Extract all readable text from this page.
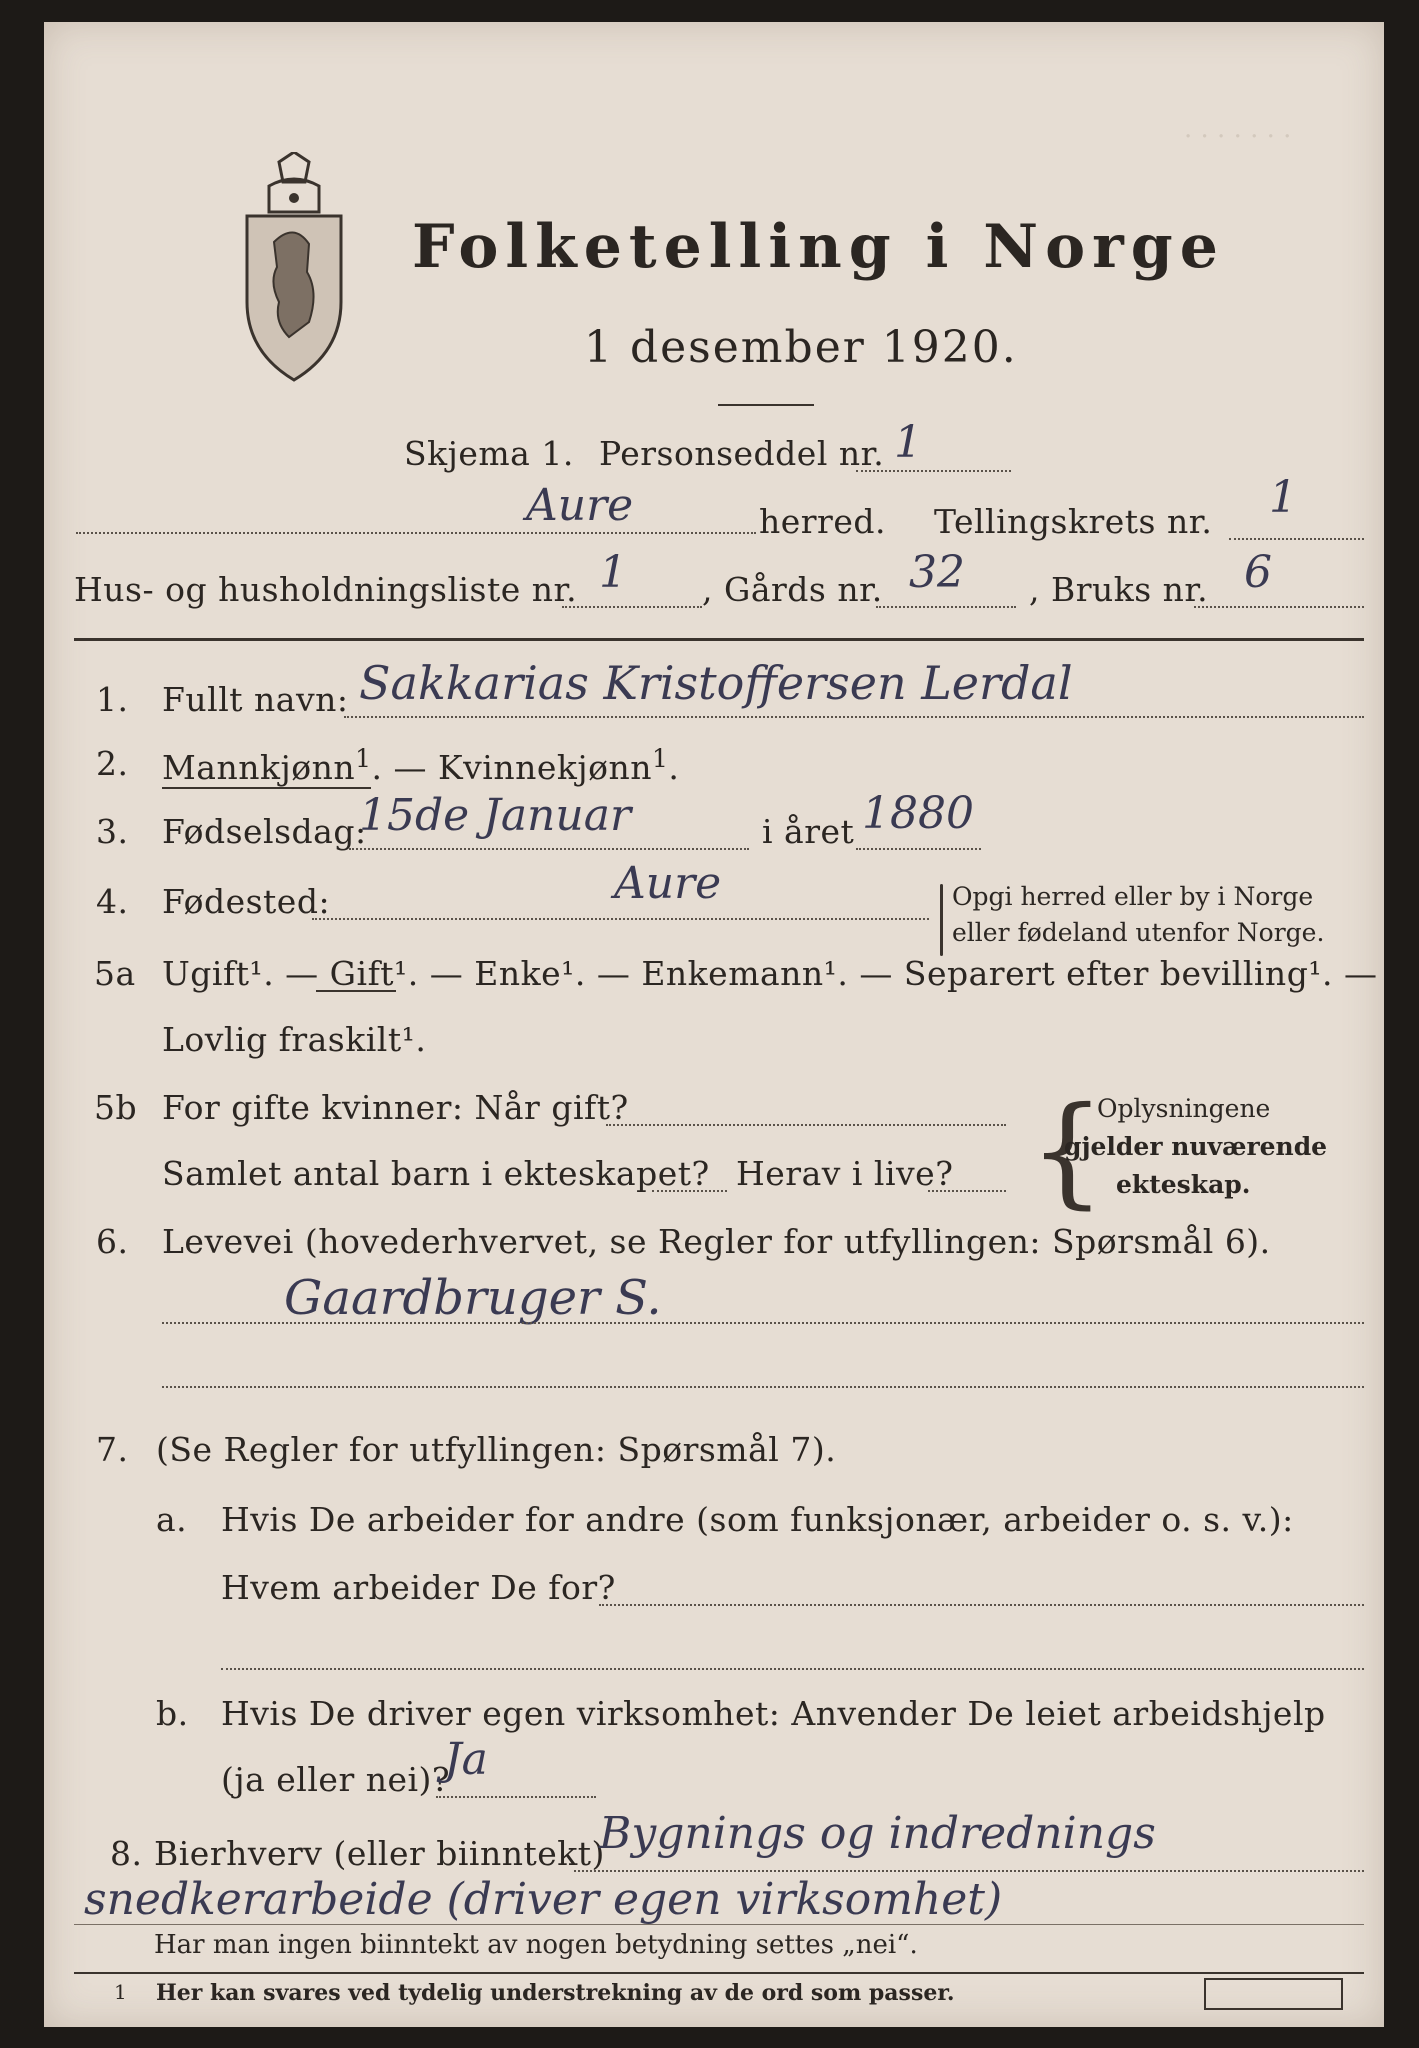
· · · · · · ·
Folketelling i Norge
1 desember 1920.
Skjema 1. Personseddel nr. 1
Aure	herred. Tellingskrets nr. 1
Hus- og husholdningsliste nr. 1 , Gårds nr. 32 , Bruks nr. 6
1. Fullt navn: Sakkarias Kristoffersen Lerdal
2. Mannkjønn$^1$. — Kvinnekjønn$^1$.
3. Fødselsdag:
15de Januar	i året 1880
4. Fødested:	Aure	Opgi herred eller by i Norge
eller fødeland utenfor Norge.
5a Ugift¹. — Gift¹. — Enke¹. — Enkemann¹. — Separert efter bevilling¹. —
Lovlig fraskilt¹.
5b For gifte kvinner: Når gift?
Samlet antal barn i ekteskapet? Herav i live? {
Oplysningene
gjelder nuværende
ekteskap.
6. Levevei (hovederhvervet, se Regler for utfyllingen: Spørsmål 6).
Gaardbruger S.
7. (Se Regler for utfyllingen: Spørsmål 7).
a. Hvis De arbeider for andre (som funksjonær, arbeider o. s. v.):
Hvem arbeider De for?
b. Hvis De driver egen virksomhet: Anvender De leiet arbeidshjelp
(ja eller nei)?
Ja
8. Bierhverv (eller biinntekt)
Bygnings og indrednings
snedkerarbeide (driver egen virksomhet)
Har man ingen biinntekt av nogen betydning settes „nei“.
1 Her kan svares ved tydelig understrekning av de ord som passer.
